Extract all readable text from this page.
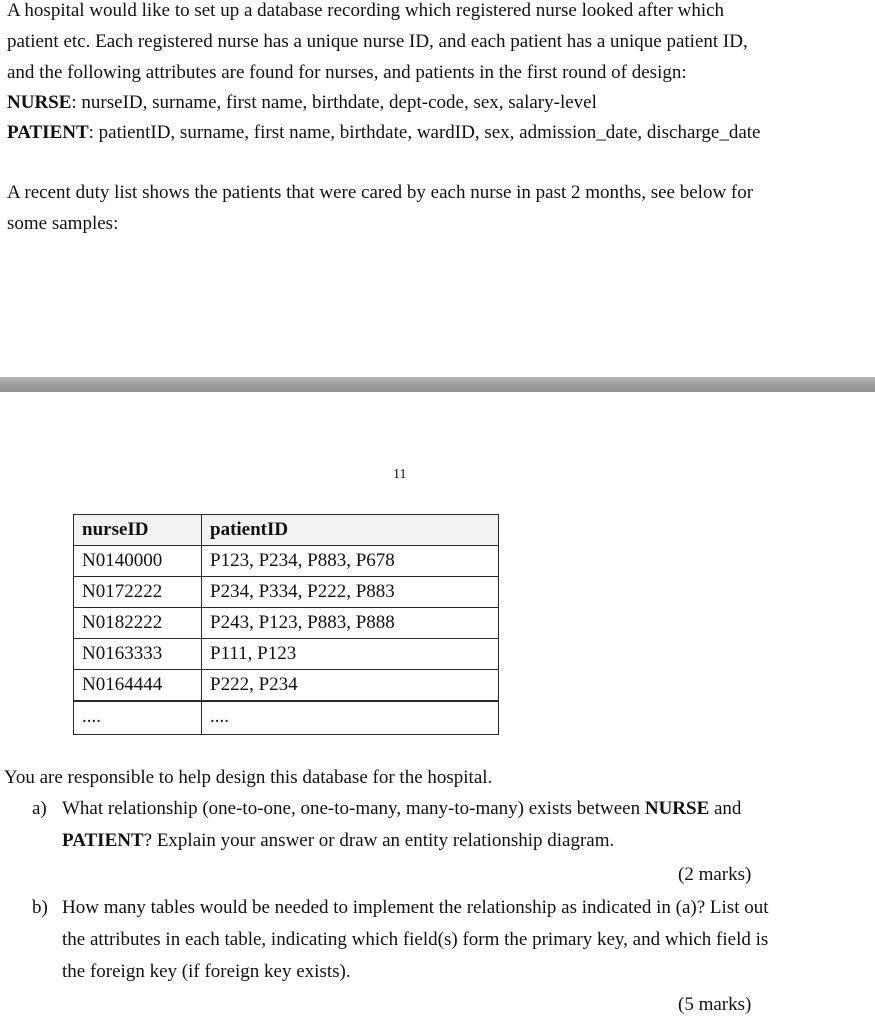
A hospital would like to set up a database recording which registered nurse looked after which
patient etc. Each registered nurse has a unique nurse ID, and each patient has a unique patient ID,
and the following attributes are found for nurses, and patients in the first round of design:
NURSE: nurseID, surname, first name, birthdate, dept-code, sex, salary-level
PATIENT: patientID, surname, first name, birthdate, wardID, sex, admission_date, discharge_date
A recent duty list shows the patients that were cared by each nurse in past 2 months, see below for
some samples:
11
nurseID	patientID
N0140000	P123, P234, P883, P678
N0172222	P234, P334, P222, P883
N0182222	P243, P123, P883, P888
N0163333	P111, P123
N0164444	P222, P234
....	....
You are responsible to help design this database for the hospital.
a) What relationship (one-to-one, one-to-many, many-to-many) exists between NURSE and
PATIENT? Explain your answer or draw an entity relationship diagram.
(2 marks)
b) How many tables would be needed to implement the relationship as indicated in (a)? List out
the attributes in each table, indicating which field(s) form the primary key, and which field is
the foreign key (if foreign key exists).
(5 marks)
